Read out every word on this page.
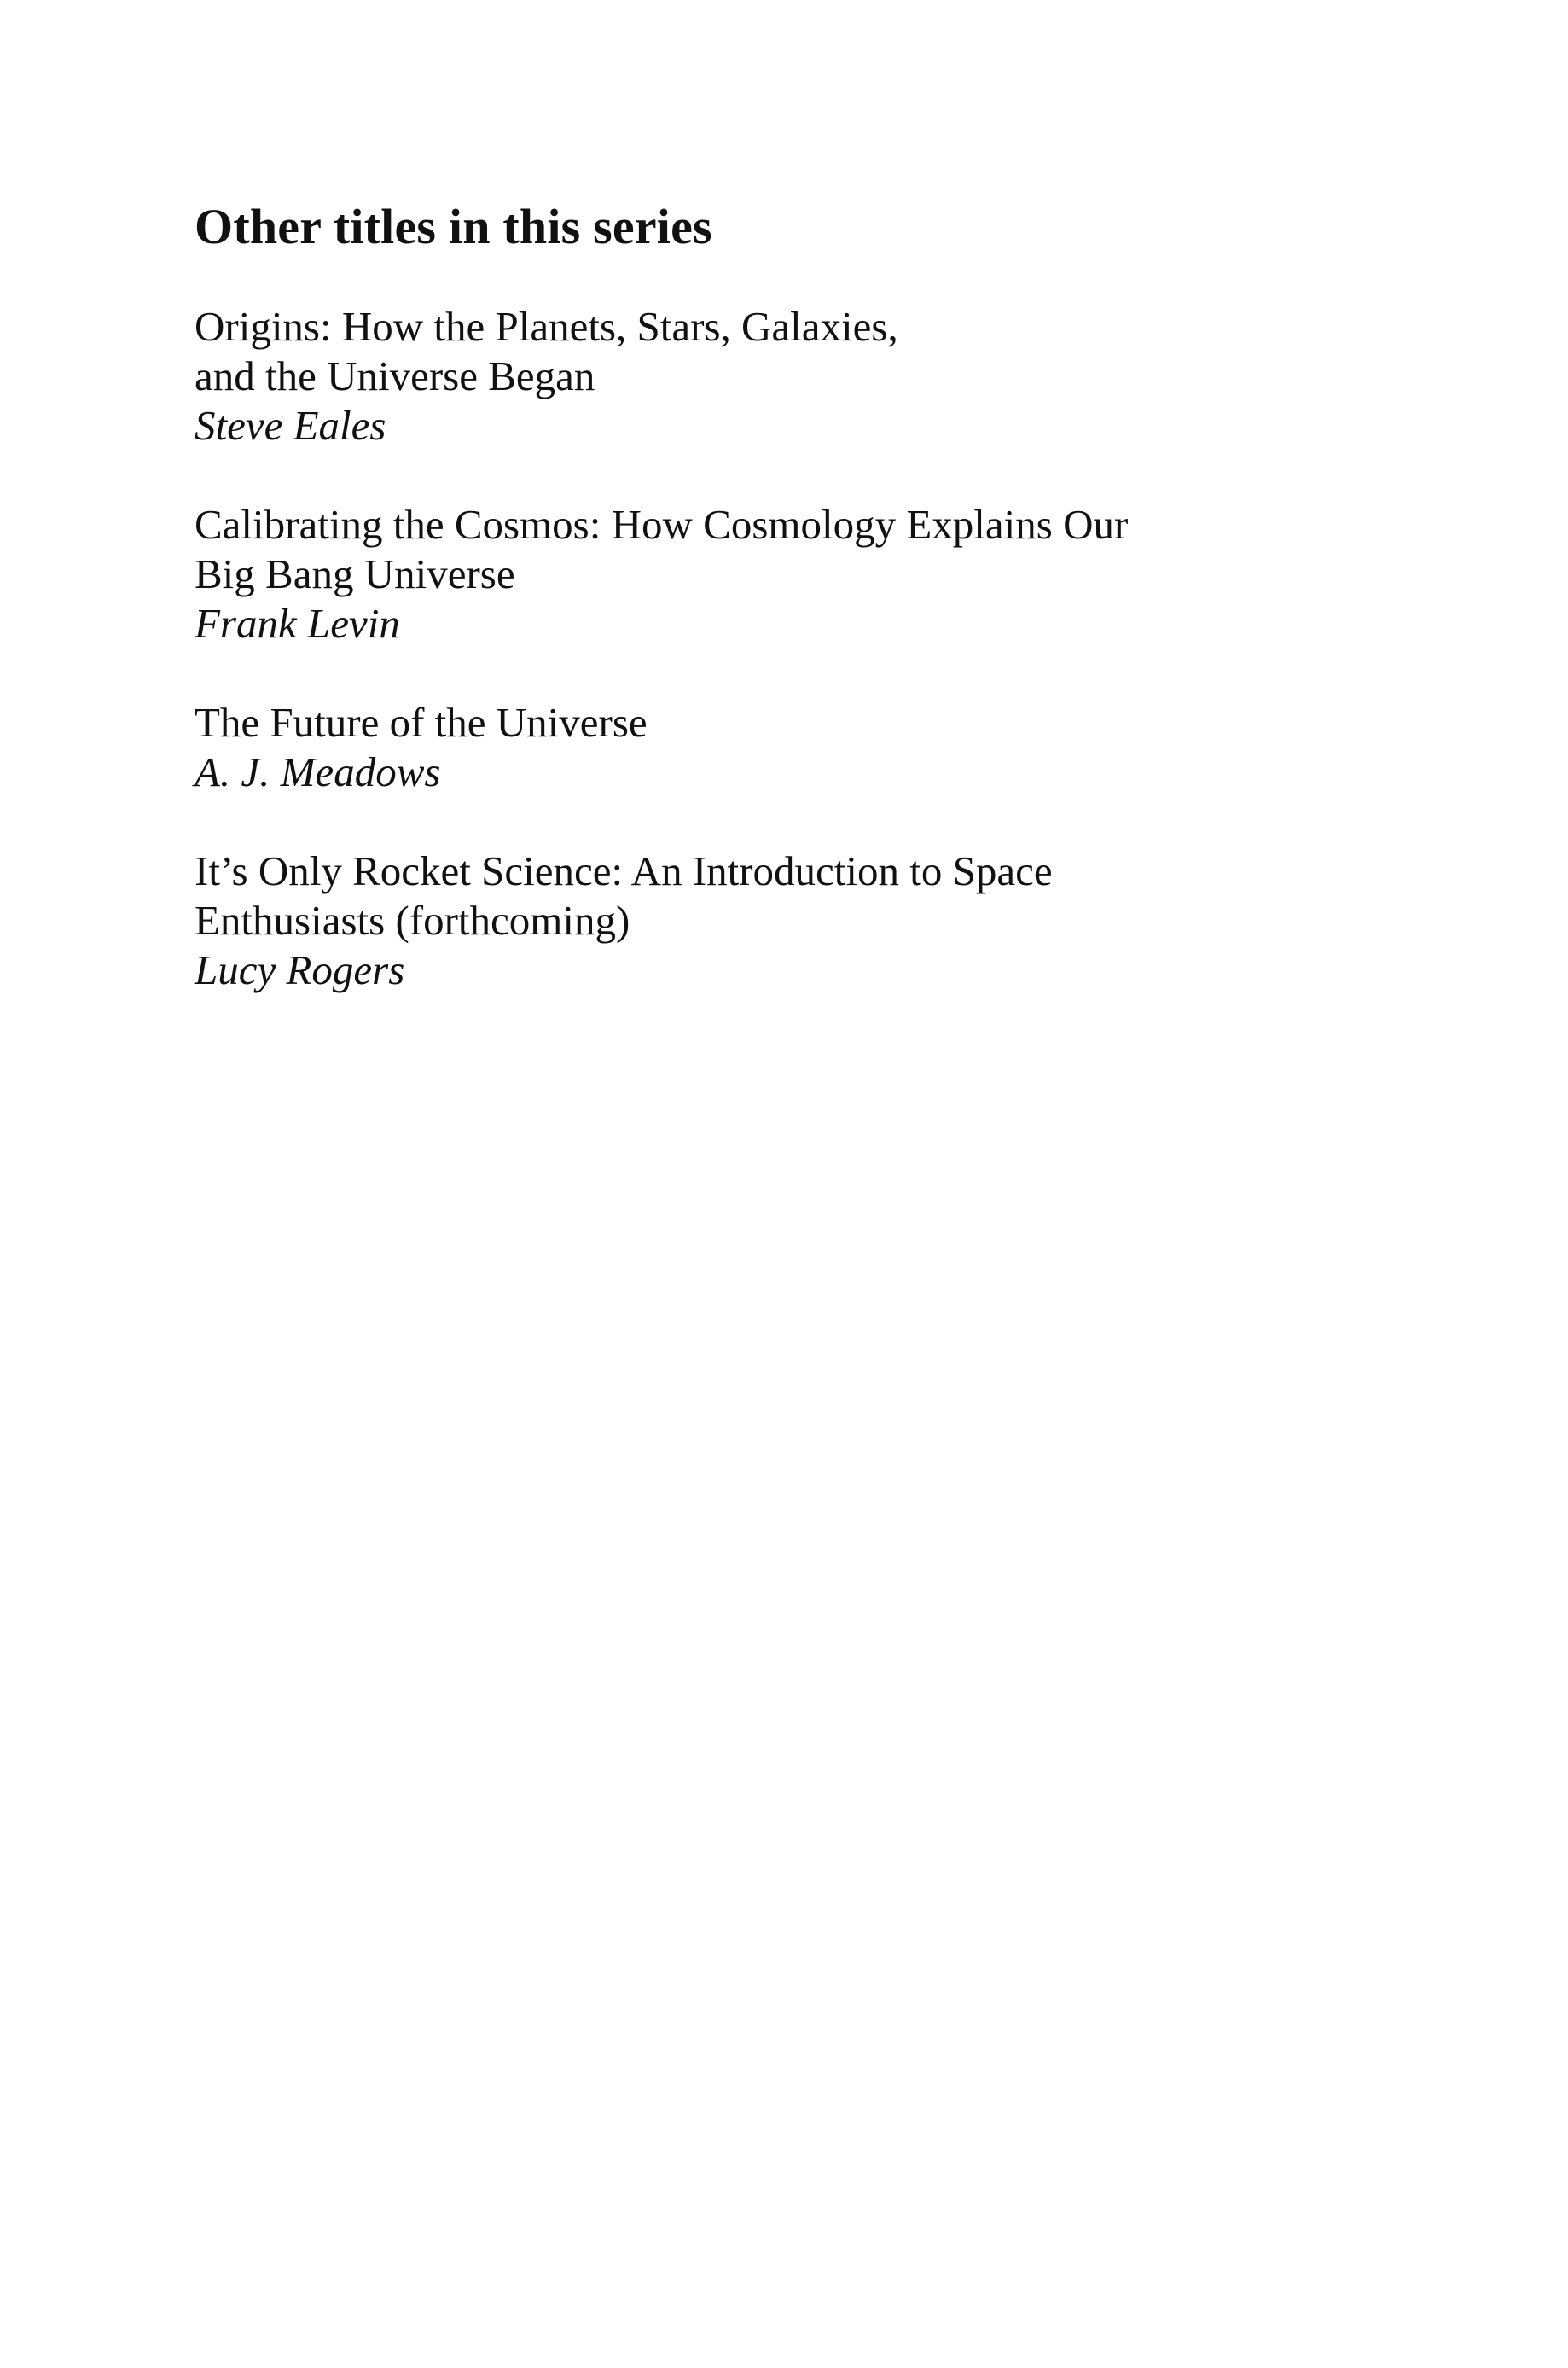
Other titles in this series

Origins: How the Planets, Stars, Galaxies,
and the Universe Began

Steve Eales

Calibrating the Cosmos: How Cosmology Explains Our
Big Bang Universe

Frank Levin

The Future of the Universe

A. J. Meadows

It’s Only Rocket Science: An Introduction to Space
Enthusiasts (forthcoming)

Lucy Rogers
